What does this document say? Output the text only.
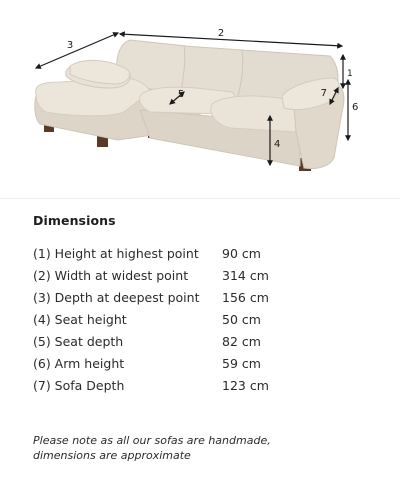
3
2
1
6
7
5
4
Dimensions
(1) Height at highest point	90 cm
(2) Width at widest point	314 cm
(3) Depth at deepest point	156 cm
(4) Seat height	50 cm
(5) Seat depth	82 cm
(6) Arm height	59 cm
(7) Sofa Depth	123 cm
Please note as all our sofas are handmade,
dimensions are approximate
